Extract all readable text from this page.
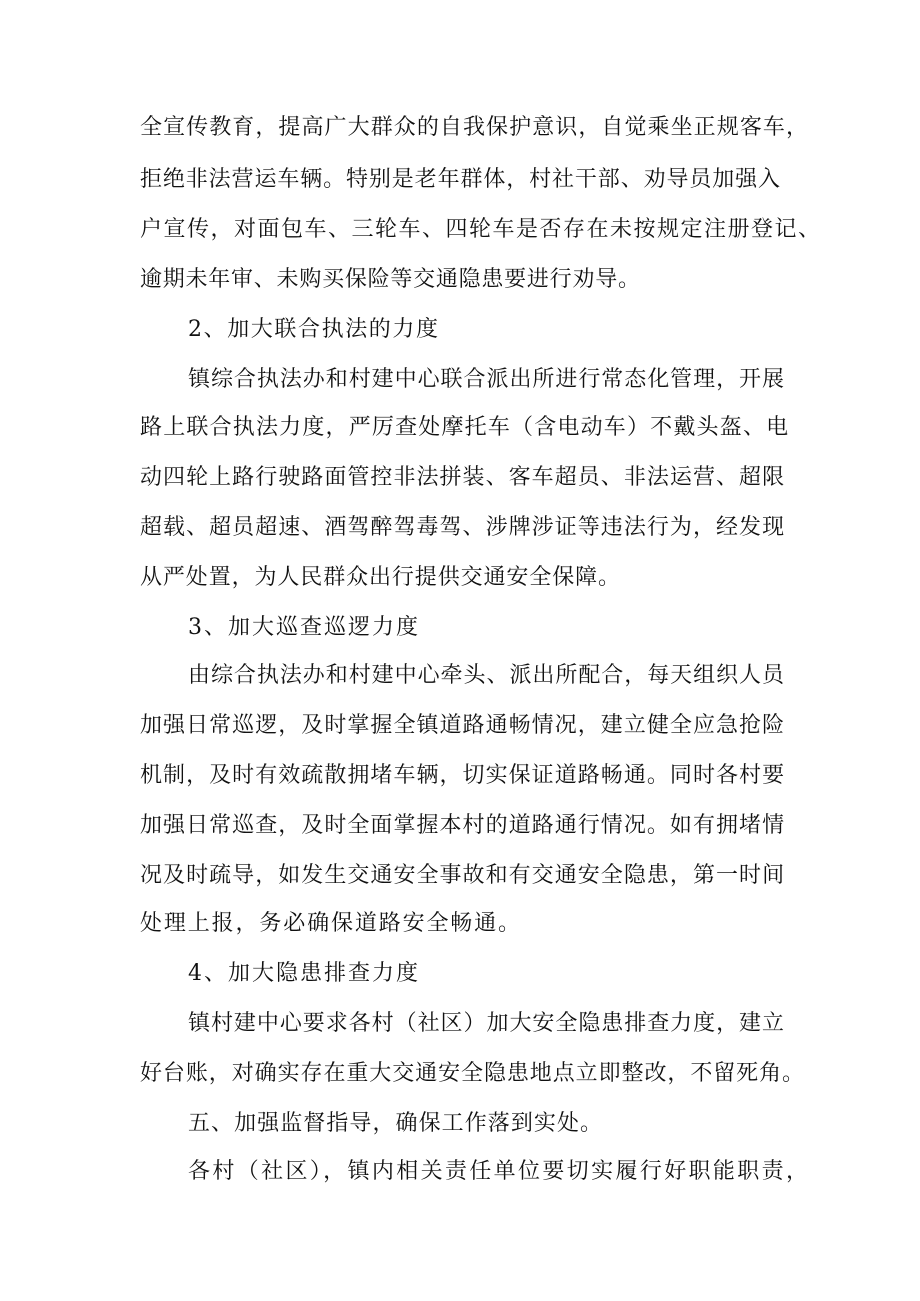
全宣传教育，提高广大群众的自我保护意识，自觉乘坐正规客车，
拒绝非法营运车辆。特别是老年群体，村社干部、劝导员加强入
户宣传，对面包车、三轮车、四轮车是否存在未按规定注册登记、
逾期未年审、未购买保险等交通隐患要进行劝导。
2、加大联合执法的力度
镇综合执法办和村建中心联合派出所进行常态化管理，开展
路上联合执法力度，严厉查处摩托车（含电动车）不戴头盔、电
动四轮上路行驶路面管控非法拼装、客车超员、非法运营、超限
超载、超员超速、酒驾醉驾毒驾、涉牌涉证等违法行为，经发现
从严处置，为人民群众出行提供交通安全保障。
3、加大巡查巡逻力度
由综合执法办和村建中心牵头、派出所配合，每天组织人员
加强日常巡逻，及时掌握全镇道路通畅情况，建立健全应急抢险
机制，及时有效疏散拥堵车辆，切实保证道路畅通。同时各村要
加强日常巡查，及时全面掌握本村的道路通行情况。如有拥堵情
况及时疏导，如发生交通安全事故和有交通安全隐患，第一时间
处理上报，务必确保道路安全畅通。
4、加大隐患排查力度
镇村建中心要求各村（社区）加大安全隐患排查力度，建立
好台账，对确实存在重大交通安全隐患地点立即整改，不留死角。
五、加强监督指导，确保工作落到实处。
各村（社区），镇内相关责任单位要切实履行好职能职责，
